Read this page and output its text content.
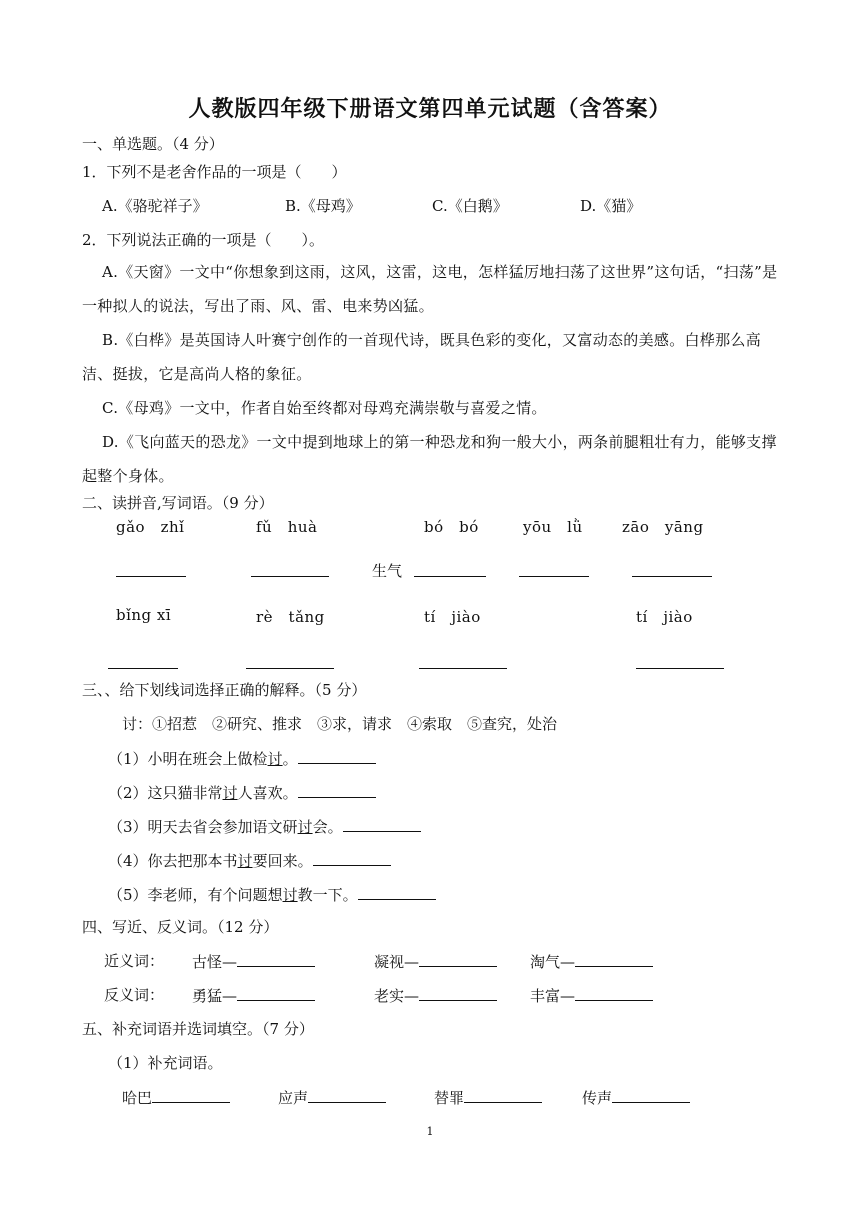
人教版四年级下册语文第四单元试题（含答案）
一、单选题。（4 分）
1．下列不是老舍作品的一项是（　　）
A.《骆驼祥子》	B.《母鸡》	C.《白鹅》	D.《猫》
2．下列说法正确的一项是（　　）。
A.《天窗》一文中“你想象到这雨，这风，这雷，这电，怎样猛厉地扫荡了这世界”这句话，“扫荡”是一种拟人的说法，写出了雨、风、雷、电来势凶猛。
B.《白桦》是英国诗人叶赛宁创作的一首现代诗，既具色彩的变化，又富动态的美感。白桦那么高洁、挺拔，它是高尚人格的象征。
C.《母鸡》一文中，作者自始至终都对母鸡充满崇敬与喜爱之情。
D.《飞向蓝天的恐龙》一文中提到地球上的第一种恐龙和狗一般大小，两条前腿粗壮有力，能够支撑起整个身体。
二、读拼音,写词语。（9 分）
gǎo　zhǐ	fǔ　huà	bó　bó	yōu　lǜ	zāo　yāng
生气
bǐng xī	rè　tǎng	tí　jiào	tí　jiào
三、、给下划线词选择正确的解释。（5 分）
讨：①招惹　②研究、推求　③求，请求　④索取　⑤查究，处治
（1）小明在班会上做检讨。
（2）这只猫非常讨人喜欢。
（3）明天去省会参加语文研讨会。
（4）你去把那本书讨要回来。
（5）李老师，有个问题想讨教一下。
四、写近、反义词。（12 分）
近义词： 古怪—	凝视—	淘气—
反义词： 勇猛—	老实—	丰富—
五、补充词语并选词填空。（7 分）
（1）补充词语。
哈巴	应声	替罪	传声
1
